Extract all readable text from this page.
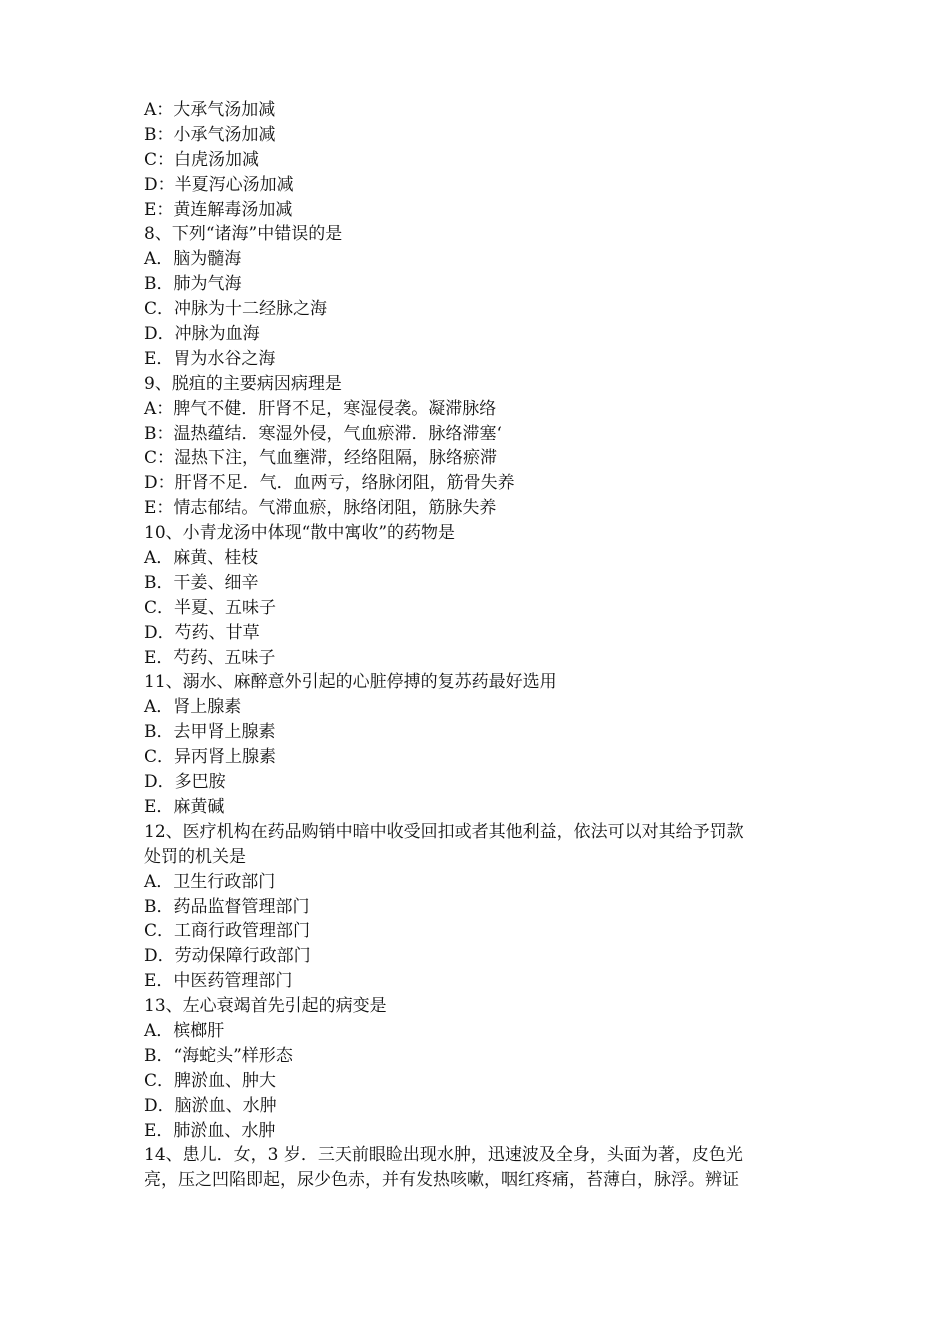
A：大承气汤加减
B：小承气汤加减
C：白虎汤加减
D：半夏泻心汤加减
E：黄连解毒汤加减
8、下列“诸海”中错误的是
A．脑为髓海
B．肺为气海
C．冲脉为十二经脉之海
D．冲脉为血海
E．胃为水谷之海
9、脱疽的主要病因病理是
A：脾气不健．肝肾不足，寒湿侵袭。凝滞脉络
B：温热蕴结．寒湿外侵，气血瘀滞．脉络滞塞‘
C：湿热下注，气血壅滞，经络阻隔，脉络瘀滞
D：肝肾不足．气．血两亏，络脉闭阻，筋骨失养
E：情志郁结。气滞血瘀，脉络闭阻，筋脉失养
10、小青龙汤中体现“散中寓收”的药物是
A．麻黄、桂枝
B．干姜、细辛
C．半夏、五味子
D．芍药、甘草
E．芍药、五味子
11、溺水、麻醉意外引起的心脏停搏的复苏药最好选用
A．肾上腺素
B．去甲肾上腺素
C．异丙肾上腺素
D．多巴胺
E．麻黄碱
12、医疗机构在药品购销中暗中收受回扣或者其他利益，依法可以对其给予罚款
处罚的机关是
A．卫生行政部门
B．药品监督管理部门
C．工商行政管理部门
D．劳动保障行政部门
E．中医药管理部门
13、左心衰竭首先引起的病变是
A．槟榔肝
B．“海蛇头”样形态
C．脾淤血、肿大
D．脑淤血、水肿
E．肺淤血、水肿
14、患儿．女，3 岁．三天前眼睑出现水肿，迅速波及全身，头面为著，皮色光
亮，压之凹陷即起，尿少色赤，并有发热咳嗽，咽红疼痛，苔薄白，脉浮。辨证
